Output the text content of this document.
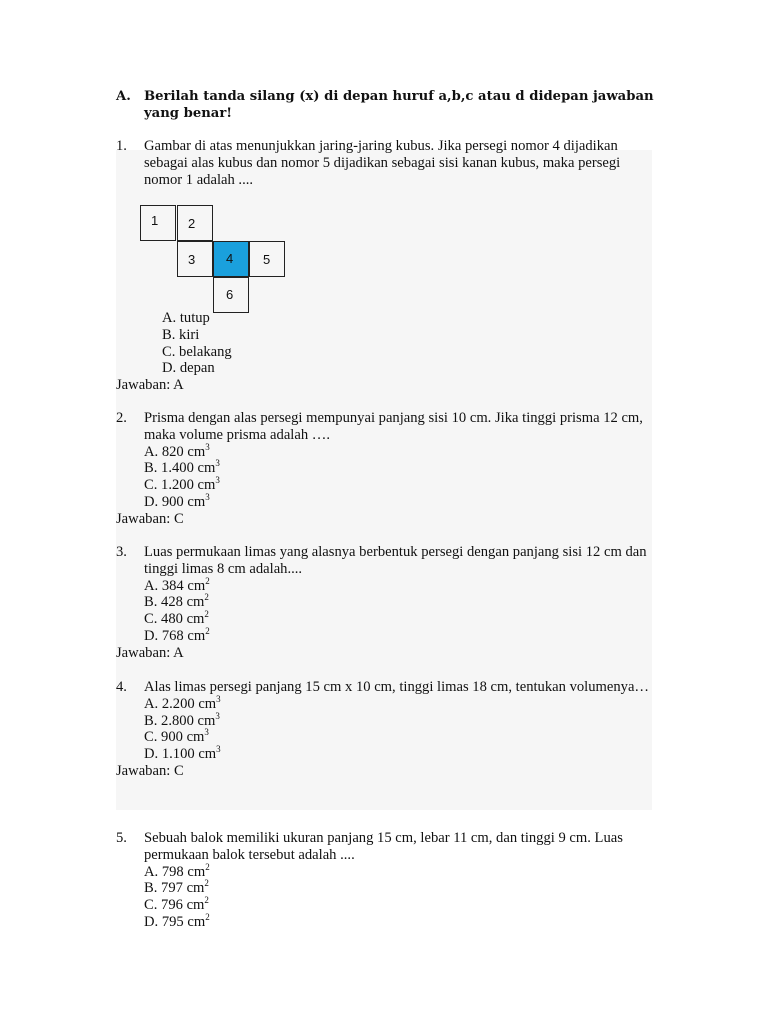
A. Berilah tanda silang (x) di depan huruf a,b,c atau d didepan jawaban yang benar!
1. Gambar di atas menunjukkan jaring-jaring kubus. Jika persegi nomor 4 dijadikan sebagai alas kubus dan nomor 5 dijadikan sebagai sisi kanan kubus, maka persegi nomor 1 adalah ....
1 2
3 4 5
6
A. tutup
B. kiri
C. belakang
D. depan
Jawaban: A
2. Prisma dengan alas persegi mempunyai panjang sisi 10 cm. Jika tinggi prisma 12 cm, maka volume prisma adalah ….
A. 820 $cm^3$
B. 1.400 $cm^3$
C. 1.200 $cm^3$
D. 900 $cm^3$
Jawaban: C
3. Luas permukaan limas yang alasnya berbentuk persegi dengan panjang sisi 12 cm dan tinggi limas 8 cm adalah....
A. 384 $cm^2$
B. 428 $cm^2$
C. 480 $cm^2$
D. 768 $cm^2$
Jawaban: A
4. Alas limas persegi panjang 15 cm x 10 cm, tinggi limas 18 cm, tentukan volumenya…
A. 2.200 $cm^3$
B. 2.800 $cm^3$
C. 900 $cm^3$
D. 1.100 $cm^3$
Jawaban: C
5. Sebuah balok memiliki ukuran panjang 15 cm, lebar 11 cm, dan tinggi 9 cm. Luas permukaan balok tersebut adalah ....
A. 798 $cm^2$
B. 797 $cm^2$
C. 796 $cm^2$
D. 795 $cm^2$
